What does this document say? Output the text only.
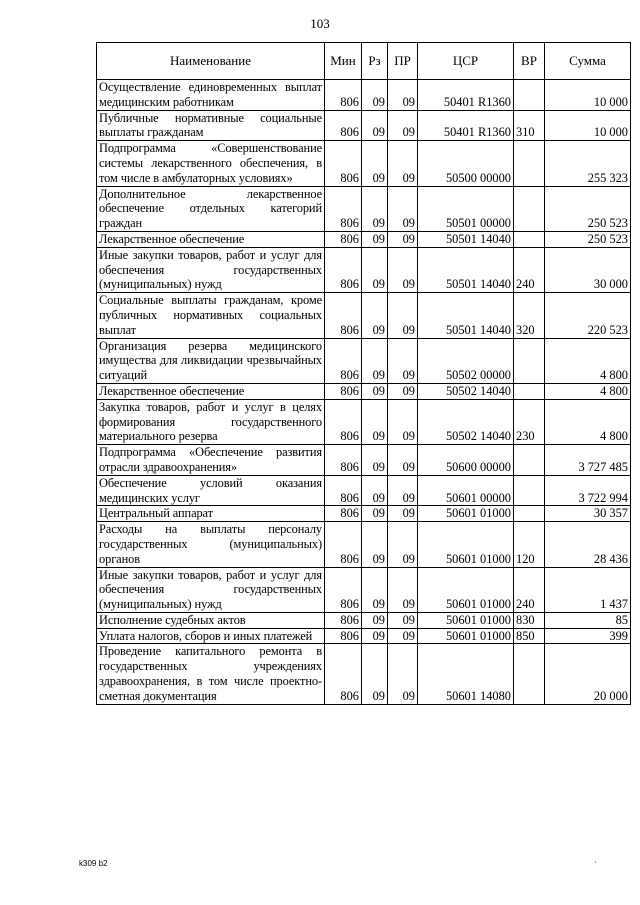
103
Наименование	Мин	Рз	ПР	ЦСР	ВР	Сумма
Осуществление единовременных выплат медицинским работникам	806	09	09	50401 R1360		10 000
Публичные нормативные социальные выплаты гражданам	806	09	09	50401 R1360	310	10 000
Подпрограмма «Совершенствование системы лекарственного обеспечения, в том числе в амбулаторных условиях»	806	09	09	50500 00000		255 323
Дополнительное лекарственное обеспечение отдельных категорий граждан	806	09	09	50501 00000		250 523
Лекарственное обеспечение	806	09	09	50501 14040		250 523
Иные закупки товаров, работ и услуг для обеспечения государственных (муниципальных) нужд	806	09	09	50501 14040	240	30 000
Социальные выплаты гражданам, кроме публичных нормативных социальных выплат	806	09	09	50501 14040	320	220 523
Организация резерва медицинского имущества для ликвидации чрезвычайных ситуаций	806	09	09	50502 00000		4 800
Лекарственное обеспечение	806	09	09	50502 14040		4 800
Закупка товаров, работ и услуг в целях формирования государственного материального резерва	806	09	09	50502 14040	230	4 800
Подпрограмма «Обеспечение развития отрасли здравоохранения»	806	09	09	50600 00000		3 727 485
Обеспечение условий оказания медицинских услуг	806	09	09	50601 00000		3 722 994
Центральный аппарат	806	09	09	50601 01000		30 357
Расходы на выплаты персоналу государственных (муниципальных) органов	806	09	09	50601 01000	120	28 436
Иные закупки товаров, работ и услуг для обеспечения государственных (муниципальных) нужд	806	09	09	50601 01000	240	1 437
Исполнение судебных актов	806	09	09	50601 01000	830	85
Уплата налогов, сборов и иных платежей	806	09	09	50601 01000	850	399
Проведение капитального ремонта в государственных учреждениях здравоохранения, в том числе проектно-сметная документация	806	09	09	50601 14080		20 000
k309 b2	·
